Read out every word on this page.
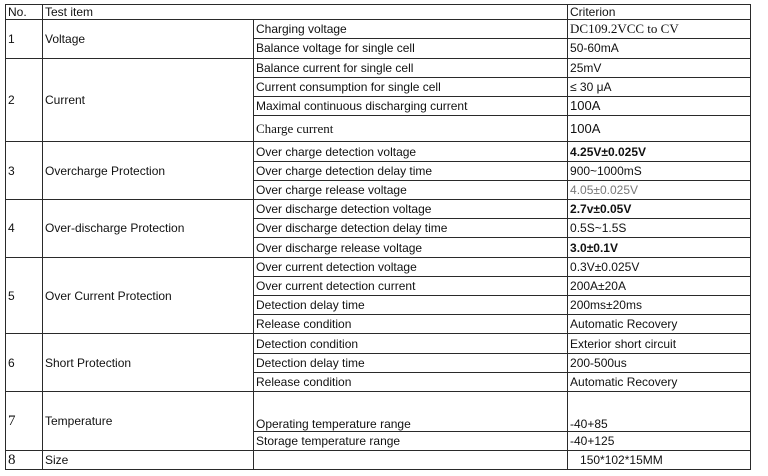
No.	Test item		Criterion
1	Voltage	Charging voltage	DC109.2VCC to CV
		Balance voltage for single cell	50-60mA
2	Current	Balance current for single cell	25mV
		Current consumption for single cell	≤ 30 μA
		Maximal continuous discharging current	100A
		Charge current	100A
3	Overcharge Protection	Over charge detection voltage	4.25V±0.025V
		Over charge detection delay time	900~1000mS
		Over charge release voltage	4.05±0.025V
4	Over-discharge Protection	Over discharge detection voltage	2.7v±0.05V
		Over discharge detection delay time	0.5S~1.5S
		Over discharge release voltage	3.0±0.1V
5	Over Current Protection	Over current detection voltage	0.3V±0.025V
		Over current detection current	200A±20A
		Detection delay time	200ms±20ms
		Release condition	Automatic Recovery
6	Short Protection	Detection condition	Exterior short circuit
		Detection delay time	200-500us
		Release condition	Automatic Recovery
7	Temperature	Operating temperature range	-40+85
		Storage temperature range	-40+125
8	Size		150*102*15MM
